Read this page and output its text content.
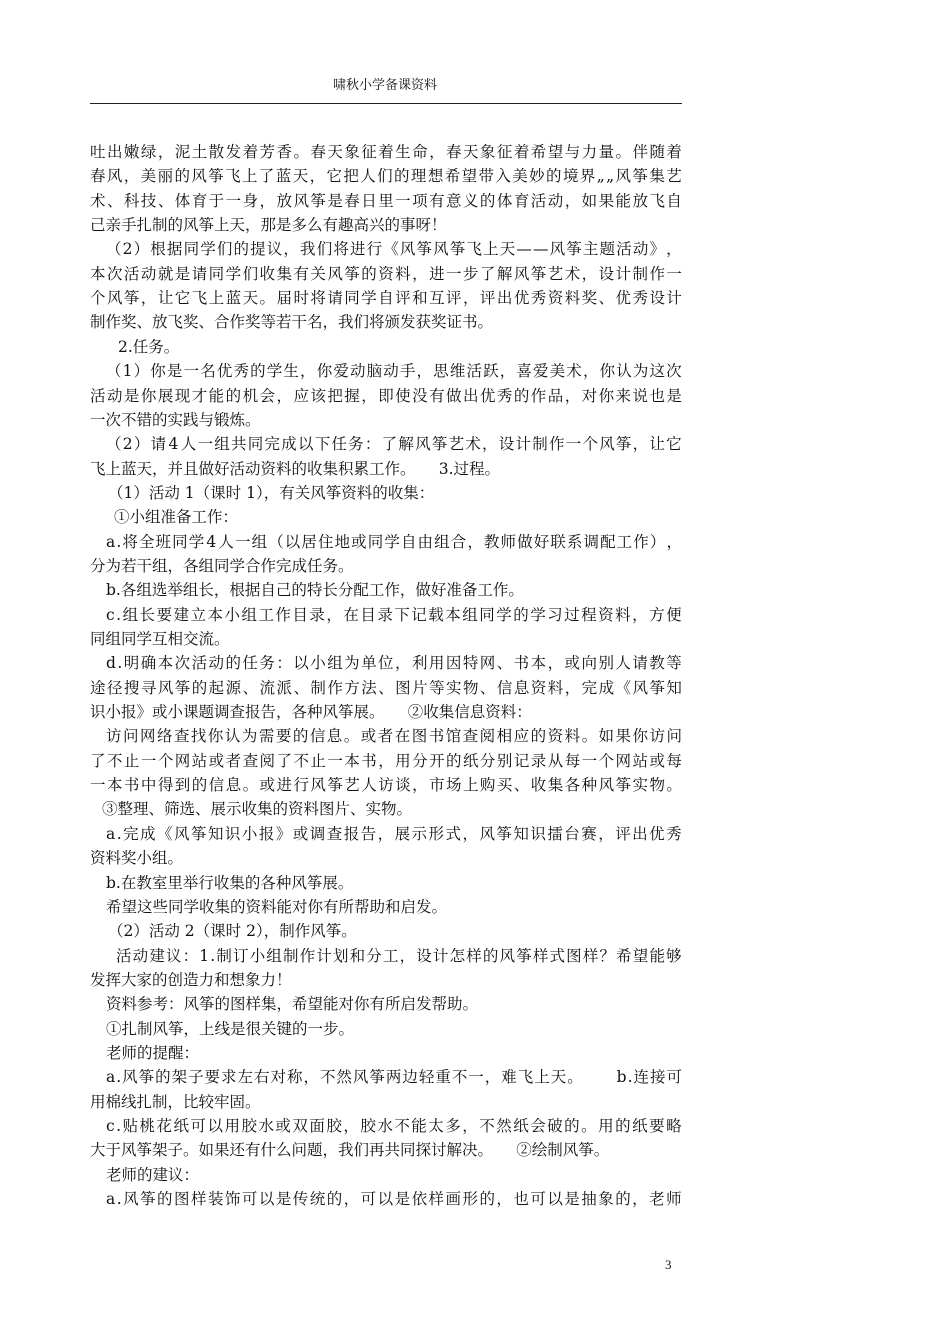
啸秋小学备课资料
吐 出 嫩 绿 ， 泥 土 散 发 着 芳 香 。 春 天 象 征 着 生 命 ， 春 天 象 征 着 希 望 与 力 量 。 伴 随 着
春 风 ， 美 丽 的 风 筝 飞 上 了 蓝 天 ， 它 把 人 们 的 理 想 希 望 带 入 美 妙 的 境 界 „ „ 风 筝 集 艺
术 、 科 技 、 体 育 于 一 身 ， 放 风 筝 是 春 日 里 一 项 有 意 义 的 体 育 活 动 ， 如 果 能 放 飞 自
己亲手扎制的风筝上天，那是多么有趣高兴的事呀！
（ 2 ） 根 据 同 学 们 的 提 议 ， 我 们 将 进 行 《 风 筝 风 筝 飞 上 天 — — 风 筝 主 题 活 动 》 ，
本 次 活 动 就 是 请 同 学 们 收 集 有 关 风 筝 的 资 料 ， 进 一 步 了 解 风 筝 艺 术 ， 设 计 制 作 一
个 风 筝 ， 让 它 飞 上 蓝 天 。 届 时 将 请 同 学 自 评 和 互 评 ， 评 出 优 秀 资 料 奖 、 优 秀 设 计
制作奖、放飞奖、合作奖等若干名，我们将颁发获奖证书。
2.任务。
（ 1 ） 你 是 一 名 优 秀 的 学 生 ， 你 爱 动 脑 动 手 ， 思 维 活 跃 ， 喜 爱 美 术 ， 你 认 为 这 次
活 动 是 你 展 现 才 能 的 机 会 ， 应 该 把 握 ， 即 使 没 有 做 出 优 秀 的 作 品 ， 对 你 来 说 也 是
一次不错的实践与锻炼。
（ 2 ） 请 4 人 一 组 共 同 完 成 以 下 任 务 ： 了 解 风 筝 艺 术 ， 设 计 制 作 一 个 风 筝 ， 让 它
飞上蓝天，并且做好活动资料的收集积累工作。　　3.过程。
（1）活动 1（课时 1），有关风筝资料的收集：
①小组准备工作：
a . 将 全 班 同 学 4 人 一 组 （ 以 居 住 地 或 同 学 自 由 组 合 ， 教 师 做 好 联 系 调 配 工 作 ） ，
分为若干组，各组同学合作完成任务。
b.各组选举组长，根据自己的特长分配工作，做好准备工作。
c . 组 长 要 建 立 本 小 组 工 作 目 录 ， 在 目 录 下 记 载 本 组 同 学 的 学 习 过 程 资 料 ， 方 便
同组同学互相交流。
d . 明 确 本 次 活 动 的 任 务 ： 以 小 组 为 单 位 ， 利 用 因 特 网 、 书 本 ， 或 向 别 人 请 教 等
途 径 搜 寻 风 筝 的 起 源 、 流 派 、 制 作 方 法 、 图 片 等 实 物 、 信 息 资 料 ， 完 成 《 风 筝 知
识小报》或小课题调查报告，各种风筝展。　　②收集信息资料：
访 问 网 络 查 找 你 认 为 需 要 的 信 息 。 或 者 在 图 书 馆 查 阅 相 应 的 资 料 。 如 果 你 访 问
了 不 止 一 个 网 站 或 者 查 阅 了 不 止 一 本 书 ， 用 分 开 的 纸 分 别 记 录 从 每 一 个 网 站 或 每
一 本 书 中 得 到 的 信 息 。 或 进 行 风 筝 艺 人 访 谈 ， 市 场 上 购 买 、 收 集 各 种 风 筝 实 物 。
③整理、筛选、展示收集的资料图片、实物。
a . 完 成 《 风 筝 知 识 小 报 》 或 调 查 报 告 ， 展 示 形 式 ， 风 筝 知 识 擂 台 赛 ， 评 出 优 秀
资料奖小组。
b.在教室里举行收集的各种风筝展。
希望这些同学收集的资料能对你有所帮助和启发。
（2）活动 2（课时 2），制作风筝。
活 动 建 议 ： 1 . 制 订 小 组 制 作 计 划 和 分 工 ， 设 计 怎 样 的 风 筝 样 式 图 样 ？ 希 望 能 够
发挥大家的创造力和想象力！
资料参考：风筝的图样集，希望能对你有所启发帮助。
①扎制风筝，上线是很关键的一步。
老师的提醒：
a . 风 筝 的 架 子 要 求 左 右 对 称 ， 不 然 风 筝 两 边 轻 重 不 一 ， 难 飞 上 天 。

　 b . 连 接 可
用棉线扎制，比较牢固。
c . 贴 桃 花 纸 可 以 用 胶 水 或 双 面 胶 ， 胶 水 不 能 太 多 ， 不 然 纸 会 破 的 。 用 的 纸 要 略
大于风筝架子。如果还有什么问题，我们再共同探讨解决。　　②绘制风筝。
老师的建议：
a . 风 筝 的 图 样 装 饰 可 以 是 传 统 的 ， 可 以 是 依 样 画 形 的 ， 也 可 以 是 抽 象 的 ， 老 师
3
